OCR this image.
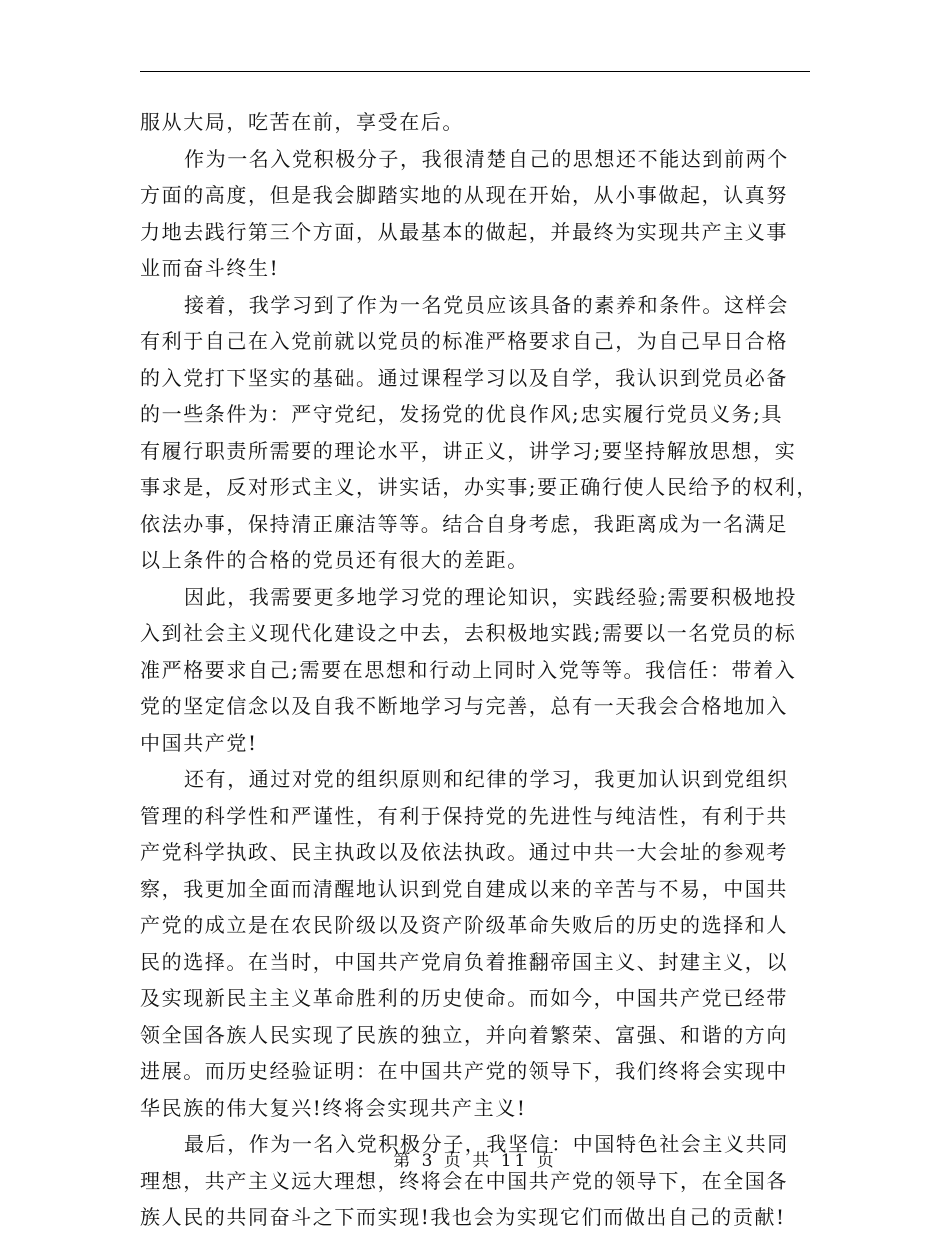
服从大局，吃苦在前，享受在后。
作为一名入党积极分子，我很清楚自己的思想还不能达到前两个
方面的高度，但是我会脚踏实地的从现在开始，从小事做起，认真努
力地去践行第三个方面，从最基本的做起，并最终为实现共产主义事
业而奋斗终生!
接着，我学习到了作为一名党员应该具备的素养和条件。这样会
有利于自己在入党前就以党员的标准严格要求自己，为自己早日合格
的入党打下坚实的基础。通过课程学习以及自学，我认识到党员必备
的一些条件为：严守党纪，发扬党的优良作风;忠实履行党员义务;具
有履行职责所需要的理论水平，讲正义，讲学习;要坚持解放思想，实
事求是，反对形式主义，讲实话，办实事;要正确行使人民给予的权利，
依法办事，保持清正廉洁等等。结合自身考虑，我距离成为一名满足
以上条件的合格的党员还有很大的差距。
因此，我需要更多地学习党的理论知识，实践经验;需要积极地投
入到社会主义现代化建设之中去，去积极地实践;需要以一名党员的标
准严格要求自己;需要在思想和行动上同时入党等等。我信任：带着入
党的坚定信念以及自我不断地学习与完善，总有一天我会合格地加入
中国共产党!
还有，通过对党的组织原则和纪律的学习，我更加认识到党组织
管理的科学性和严谨性，有利于保持党的先进性与纯洁性，有利于共
产党科学执政、民主执政以及依法执政。通过中共一大会址的参观考
察，我更加全面而清醒地认识到党自建成以来的辛苦与不易，中国共
产党的成立是在农民阶级以及资产阶级革命失败后的历史的选择和人
民的选择。在当时，中国共产党肩负着推翻帝国主义、封建主义，以
及实现新民主主义革命胜利的历史使命。而如今，中国共产党已经带
领全国各族人民实现了民族的独立，并向着繁荣、富强、和谐的方向
进展。而历史经验证明：在中国共产党的领导下，我们终将会实现中
华民族的伟大复兴!终将会实现共产主义!
最后，作为一名入党积极分子，我坚信：中国特色社会主义共同
理想，共产主义远大理想，终将会在中国共产党的领导下，在全国各
族人民的共同奋斗之下而实现!我也会为实现它们而做出自己的贡献!
第 3 页 共 11 页
